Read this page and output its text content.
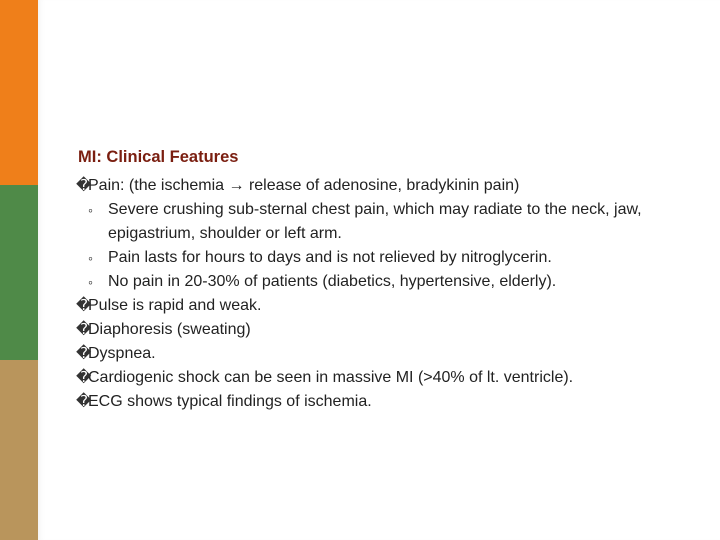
MI: Clinical Features
�
Pain: (the ischemia → release of adenosine, bradykinin pain)
◦ Severe crushing sub-sternal chest pain, which may radiate to the neck, jaw, epigastrium, shoulder or left arm.
◦ Pain lasts for hours to days and is not relieved by nitroglycerin.
◦ No pain in 20-30% of patients (diabetics, hypertensive, elderly).
�
Pulse is rapid and weak.
�
Diaphoresis (sweating)
�
Dyspnea.
�
Cardiogenic shock can be seen in massive MI (>40% of lt. ventricle).
�
ECG shows typical findings of ischemia.
